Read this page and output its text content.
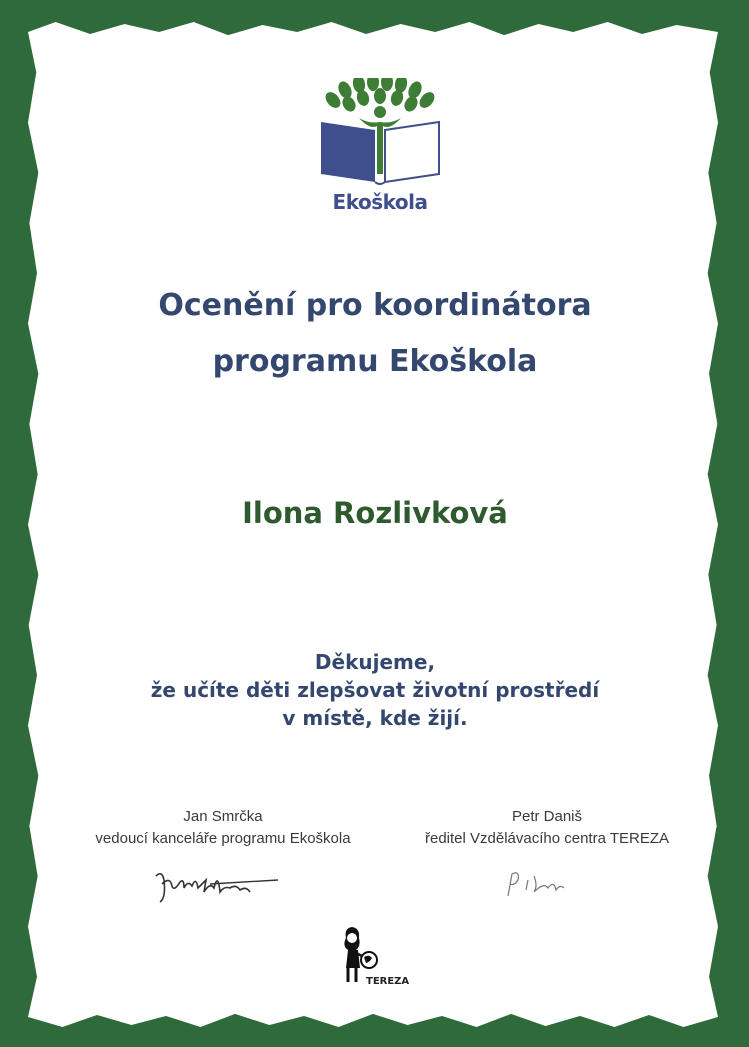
Ekoškola
Ocenění pro koordinátora
programu Ekoškola
Ilona Rozlivková
Děkujeme,
že učíte děti zlepšovat životní prostředí
v místě, kde žijí.
Jan Smrčka
vedoucí kanceláře programu Ekoškola
Petr Daniš
ředitel Vzdělávacího centra TEREZA
TEREZA
